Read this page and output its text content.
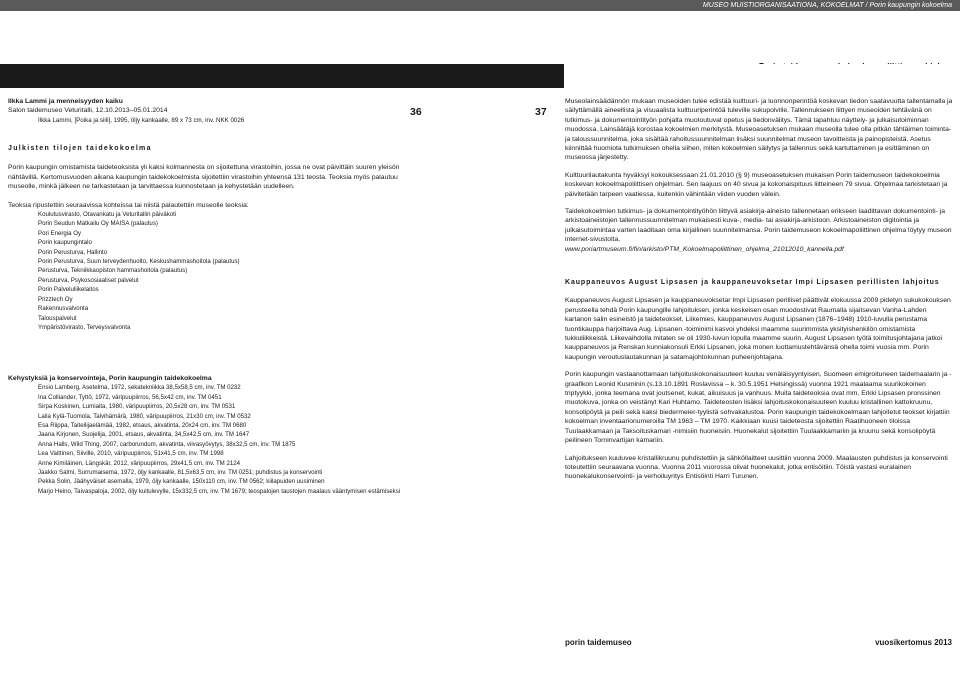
MUSEO MUISTIORGANISAATIONA, KOKOELMAT / Porin kaupungin kokoelma
36	37

Ilkka Lammi ja menneisyyden kaiku

Salon taidemuseo Veturitalli, 12.10.2013–05.01.2014

Ilkka Lammi, [Poika ja siili], 1995, öljy kankaalle, 89 x 73 cm, inv. NKK 0026

Julkisten tilojen taidekokoelma

Porin kaupungin omistamista taideteoksista yli kaksi kolmannesta on sijoitettuna virastoihin, jossa ne ovat päivittäin suuren yleisön nähtävillä. Kertomusvuoden aikana kaupungin taidekokoelmista sijoitettiin virastoihin yhteensä 131 teosta. Teoksia myös palautuu museolle, minkä jälkeen ne tarkastetaan ja tarvittaessa kunnostetaan ja kehystetään uudelleen.

Teoksia ripustettiin seuraavissa kohteissa tai niistä palautettiin museolle teoksia:

Koulutusvirasto, Otavankatu ja Veturitallin päiväkoti

Porin Seudun Matkailu Oy MAISA (palautus)

Pori Energia Oy

Porin kaupungintalo

Porin Perusturva, Hallinto

Porin Perusturva, Suun terveydenhuolto, Keskushammashoitola (palautus)

Perusturva, Tekniikkaopiston hammashoitola (palautus)

Perusturva, Psykososiaaliset palvelut

Porin Palveluliikelaitos

Prizztech Oy

Rakennusvalvonta

Talouspalvelut

Ympäristövirasto, Terveysvalvonta

Kehystyksiä ja konservointeja, Porin kaupungin taidekokoelma

Ensio Lamberg, Asetelma, 1972, sekatekniikka 38,5x58,5 cm, inv. TM 0232

Ina Colliander, Tyttö, 1972, väripuupiirros, 56,5x42 cm, inv. TM 0451

Sirpa Koskinen, Lumiaita, 1980, väripuupiirros, 20,5x28 cm, inv. TM 0531

Laila Kylä-Tuomola, Talvihämärä, 1980, väripuupiirros, 21x30 cm, inv. TM 0532

Esa Riippa, Taiteilijaelämää, 1982, etsaus, akvatinta, 20x24 cm, inv. TM 0680

Jaana Kirjonen, Suojelija, 2001, etsaus, akvatinta, 34,5x42,5 cm, inv. TM 1647

Anna Halls, Wild Thing, 2007, carborundum, akvatinta, viivasyövytys, 38x32,5 cm, inv. TM 1875

Lea Vaittinen, Siiville, 2010, väripuupiirros, 51x41,5 cm, inv. TM 1998

Anne Kimiläinen, Längskär, 2012, väripuupiirros, 29x41,5 cm, inv. TM 2124

Jaakko Salmi, Surrumaisema, 1972, öljy kankaalle, 81,5x63,5 cm, inv. TM 0251; puhdistus ja konservointi

Pekka Solin, Jäähyväiset asemalla, 1979, öljy kankaalle, 150x110 cm, inv. TM 0562; kiilapuiden uusiminen

Marjo Heino, Taivaspaloja, 2002, öljy kuitulevylle, 15x332,5 cm, inv. TM 1679; teospalojen taustojen maalaus vääntymisen estämiseksi

Museolainsäädännön mukaan museoiden tulee edistää kulttuuri- ja luonnonperintöä koskevan tiedon saatavuutta tallentamalla ja säilyttämällä aineellista ja visuaalista kulttuuriperintöä tuleville sukupolville. Tallennukseen liittyen museoiden tehtävänä on tutkimus- ja dokumentointityön pohjalta muotoutuvat opetus ja tiedonvälitys. Tämä tapahtuu näyttely- ja julkaisutoiminnan muodossa. Lainsäätäjä korostaa kokoelmien merkitystä. Museoasetuksen mukaan museolla tulee olla pitkän tähtäimen toiminta- ja taloussuunnitelma, joka sisältää rahoitussuunnitelman lisäksi suunnitelmat museon tavoitteista ja painopisteistä. Asetus kiinnittää huomiota tutkimuksen ohella siihen, miten kokoelmien säilytys ja tallennus sekä kartuttaminen ja esittäminen on museossa järjestetty.

Kulttuurilautakunta hyväksyi kokouksessaan 21.01.2010 (§ 9) museoasetuksen mukaisen Porin taidemuseon taidekokoelmia koskevan kokoelmapoliittisen ohjelman. Sen laajuus on 40 sivua ja kokonaispituus liitteineen 79 sivua. Ohjelmaa tarkistetaan ja päivitetään tarpeen vaatiessa, kuitenkin vähintään viiden vuoden välein.

Taidekokoelmien tutkimus- ja dokumentointityöhön liittyvä asiakirja-aineisto tallennetaan erikseen laadittavan dokumentointi- ja arkistoaineistojen tallennussuunnitelman mukaisesti kuva-, media- tai asiakirja-arkistoon. Arkistoaineiston digitointia ja julkaisutoimintaa varten laaditaan oma kirjallinen suunnitelmansa. Porin taidemuseon kokoelmapoliittinen ohjelma löytyy museon internet-sivustolta,

www.poriartmuseum.fi/fin/arkisto/PTM_Kokoelmapoliittinen_ohjelma_21012010_kannella.pdf

Kauppaneuvos August Lipsasen ja kauppaneuvoksetar Impi Lipsasen perillisten lahjoitus

Kauppaneuvos August Lipsasen ja kauppaneuvoksetar Impi Lipsasen perilliset päättivät elokuussa 2009 pidetyn sukukokouksen perusteella tehdä Porin kaupungille lahjoituksen, jonka keskeisen osan muodostivat Raumalla sijaitsevan Vanha-Lahden kartanon salin esineistö ja taideteokset. Liikemies, kauppaneuvos August Lipsanen (1876–1948) 1910-luvulla perustama tuontikauppa harjoittava Aug. Lipsanen -toiminimi kasvoi yhdeksi maamme suurimmista yksityishenkilön omistamista tukkuliikkeistä. Liikevaihdolla mitaten se oli 1930-luvun lopulla maamme suurin. August Lipsasen työtä toimitusjohtajana jatkoi kauppaneuvos ja Renskan kunniakonsuli Erkki Lipsanen, joka monen luottamustehtävänsä ohella toimi vuosia mm. Porin kaupungin veroutuslautakunnan ja satamajohtokunnan puheenjohtajana.

Porin kaupungin vastaanottamaan lahjoituskokonaisuuteen kuuluu venäläisyyntyisen, Suomeen emigroituneen taidemaalarin ja -graafikon Leonid Kusminin (s.13.10.1891 Roslavissa – k. 30.5.1951 Helsingissä) vuonna 1921 maalaama suurikokoinen triptyykki, jonka teemana ovat joutsenet, kukat, aikuisuus ja vanhuus. Muita taideteoksia ovat mm. Erkki Lipsasen pronssinen muotokuva, jonka on veistänyt Kari Huhtamo. Taideteosten lisäksi lahjoituskokonaisuuteen kuuluu kristallinen kattokruunu, konsolipöytä ja peili sekä kaksi biedermeier-tyylistä sohvakalustoa. Porin kaupungin taidekokoelmaan lahjoitetut teokset kirjattiin kokoelman inventaarionumeroilla TM 1963 – TM 1970. Kaikkiaan kuusi taideteosta sijoitettiin Raatihuoneen tiloissa Tuulaakkamaan ja Taksoituskamari -nimisiin huoneisiin. Huonekalut sijoitettiin Tuulaakkamariin ja kruunu sekä konsolipöytä peilineen Torninvartijan kamariin.

Lahjoitukseen kuuluvee kristallikruunu puhdistettiin ja sähköllaitteet uusittiin vuonna 2009. Maalausten puhdistus ja konservointi toteutettiin seuraavana vuonna. Vuonna 2011 vuorossa olivat huonekalut, jotka entisöitiin. Töistä vastasi euralainen huonekalukonservointi- ja verhoiluyritys Entisöinti Harri Turunen.

porin taidemuseo	vuosikertomus 2013
